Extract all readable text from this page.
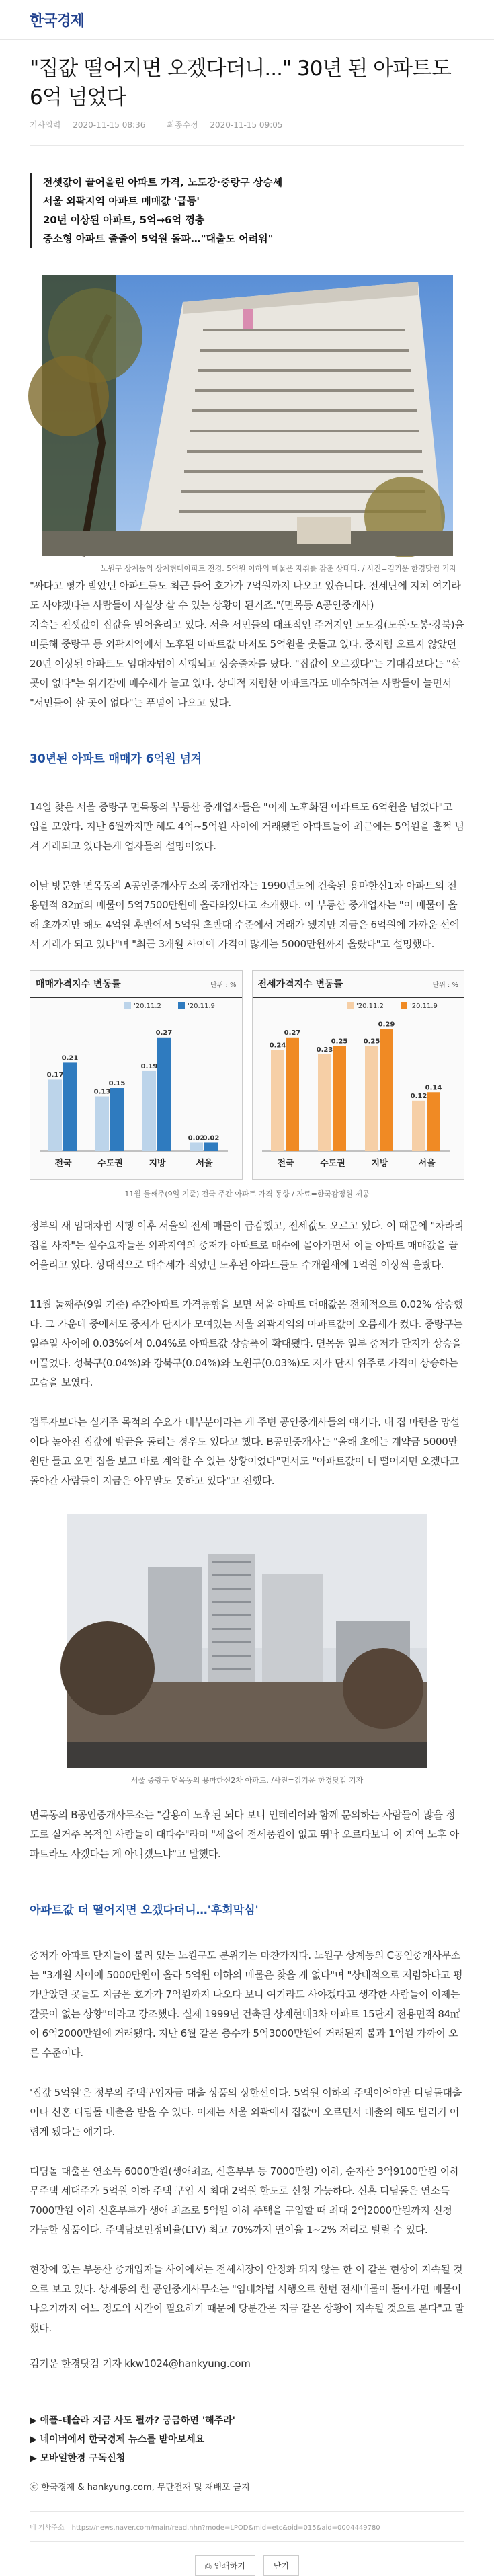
한국경제
"집값 떨어지면 오겠다더니..." 30년 된 아파트도 6억 넘었다
기사입력 2020-11-15 08:36	최종수정 2020-11-15 09:05
전셋값이 끌어올린 아파트 가격, 노도강·중랑구 상승세
서울 외곽지역 아파트 매매값 '급등'
20년 이상된 아파트, 5억→6억 껑충
중소형 아파트 줄줄이 5억원 돌파…"대출도 어려워"
노원구 상계동의 상계현대아파트 전경. 5억원 이하의 매물은 자취를 감춘 상태다. / 사진=김기운 한경닷컴 기자

"싸다고 평가 받았던 아파트들도 최근 들어 호가가 7억원까지 나오고 있습니다. 전세난에 지쳐 여기라도 사야겠다는 사람들이 사실상 살 수 있는 상황이 된거죠."(면목동 A공인중개사)

지속는 전셋값이 집값을 밀어올리고 있다. 서울 서민들의 대표적인 주거지인 노도강(노원·도봉·강북)을 비롯해 중랑구 등 외곽지역에서 노후된 아파트값 마저도 5억원을 웃돌고 있다. 중저렴 오르지 않았던 20년 이상된 아파트도 임대차법이 시행되고 상승줄차를 탔다. "집값이 오르겠다"는 기대감보다는 "살 곳이 없다"는 위기감에 매수세가 늘고 있다. 상대적 저렴한 아파트라도 매수하려는 사람들이 늘면서 "서민들이 살 곳이 없다"는 푸념이 나오고 있다.

30년된 아파트 매매가 6억원 넘겨

14일 찾은 서울 중랑구 면목동의 부동산 중개업자들은 "이제 노후화된 아파트도 6억원을 넘었다"고 입을 모았다. 지난 6월까지만 해도 4억~5억원 사이에 거래됐던 아파트들이 최근에는 5억원을 훌쩍 넘겨 거래되고 있다는게 업자들의 설명이었다.

이날 방문한 면목동의 A공인중개사무소의 중개업자는 1990년도에 건축된 용마한신1차 아파트의 전용면적 82㎡의 매물이 5억7500만원에 올라와있다고 소개했다. 이 부동산 중개업자는 "이 매물이 올해 초까지만 해도 4억원 후반에서 5억원 초반대 수준에서 거래가 됐지만 지금은 6억원에 가까운 선에서 거래가 되고 있다"며 "최근 3개월 사이에 가격이 많게는 5000만원까지 올랐다"고 설명했다.

매매가격지수 변동률	단위 : %
'20.11.2	'20.11.9
0.17
0.21
전국
0.13
0.15
수도권
0.19
0.27
지방
0.02
0.02
서울
전세가격지수 변동률	단위 : %
'20.11.2	'20.11.9
0.24
0.27
전국
0.23
0.25
수도권
0.25
0.29
지방
0.12
0.14
서울
11월 둘째주(9일 기준) 전국 주간 아파트 가격 동향 / 자료=한국감정원 제공

정부의 새 임대차법 시행 이후 서울의 전세 매물이 급감했고, 전세값도 오르고 있다. 이 때문에 "차라리 집을 사자"는 실수요자들은 외곽지역의 중저가 아파트로 매수에 몰아가면서 이들 아파트 매매값을 끌어올리고 있다. 상대적으로 매수세가 적었던 노후된 아파트들도 수개월새에 1억원 이상씩 올랐다.

11월 둘째주(9일 기준) 주간아파트 가격동향을 보면 서울 아파트 매매값은 전체적으로 0.02% 상승했다. 그 가운데 중에서도 중저가 단지가 모여있는 서울 외곽지역의 아파트값이 오름세가 컸다. 중랑구는 일주일 사이에 0.03%에서 0.04%로 아파트값 상승폭이 확대됐다. 면목동 일부 중저가 단지가 상승을 이끌었다. 성북구(0.04%)와 강북구(0.04%)와 노원구(0.03%)도 저가 단지 위주로 가격이 상승하는 모습을 보였다.

갭투자보다는 실거주 목적의 수요가 대부분이라는 게 주변 공인중개사들의 얘기다. 내 집 마련을 망설이다 높아진 집값에 발끝을 돌리는 경우도 있다고 했다. B공인중개사는 "올해 초에는 계약금 5000만원만 들고 오면 집을 보고 바로 계약할 수 있는 상황이었다"면서도 "아파트값이 더 떨어지면 오겠다고 돌아간 사람들이 지금은 아무말도 못하고 있다"고 전했다.

서울 중랑구 면목동의 용마한신2차 아파트. /사진=김기운 한경닷컴 기자

면목동의 B공인중개사무소는 "갈용이 노후된 되다 보니 인테리어와 함께 문의하는 사람들이 많을 정도로 실거주 목적인 사람들이 대다수"라며 "세율에 전세품원이 없고 뛰낙 오르다보니 이 지역 노후 아파트라도 사겠다는 게 아니겠느냐"고 말했다.

아파트값 더 떨어지면 오겠다더니…'후회막심'

중저가 아파트 단지들이 불려 있는 노원구도 분위기는 마찬가지다. 노원구 상계동의 C공인중개사무소는 "3개월 사이에 5000만원이 올라 5억원 이하의 매물은 찾을 게 없다"며 "상대적으로 저렴하다고 평가받았던 곳들도 지금은 호가가 7억원까지 나오다 보니 여기라도 사야겠다고 생각한 사람들이 이제는 갈곳이 없는 상황"이라고 강조했다. 실제 1999년 건축된 상계현대3차 아파트 15단지 전용면적 84㎡이 6억2000만원에 거래됐다. 지난 6월 같은 층수가 5억3000만원에 거래된지 불과 1억원 가까이 오른 수준이다.

'집값 5억원'은 정부의 주택구입자금 대출 상품의 상한선이다. 5억원 이하의 주택이어야만 디딤돌대출이나 신혼 디딤돌 대출을 받을 수 있다. 이제는 서울 외곽에서 집값이 오르면서 대출의 혜도 빌리기 어렵게 됐다는 얘기다.

디딤돌 대출은 연소득 6000만원(생애최초, 신혼부부 등 7000만원) 이하, 순자산 3억9100만원 이하 무주택 세대주가 5억원 이하 주택 구입 시 최대 2억원 한도로 신청 가능하다. 신혼 디딤돌은 연소득 7000만원 이하 신혼부부가 생애 최초로 5억원 이하 주택을 구입할 때 최대 2억2000만원까지 신청 가능한 상품이다. 주택담보인정비율(LTV) 최고 70%까지 연이율 1~2% 저리로 빌릴 수 있다.

현장에 있는 부동산 중개업자들 사이에서는 전세시장이 안정화 되지 않는 한 이 같은 현상이 지속될 것으로 보고 있다. 상계동의 한 공인중개사무소는 "임대차법 시행으로 한번 전세매물이 돌아가면 매물이 나오기까지 어느 정도의 시간이 필요하기 때문에 당분간은 지금 같은 상황이 지속될 것으로 본다"고 말했다.

김기운 한경닷컴 기자 kkw1024@hankyung.com

▶ 애플-테슬라 지금 사도 될까? 궁금하면 '해주라'
▶ 네이버에서 한국경제 뉴스를 받아보세요
▶ 모바일한경 구독신청
ⓒ 한국경제 & hankyung.com, 무단전재 및 재배포 금지
네 기사주소 https://news.naver.com/main/read.nhn?mode=LPOD&mid=etc&oid=015&aid=0004449780
⎙ 인쇄하기	닫기
